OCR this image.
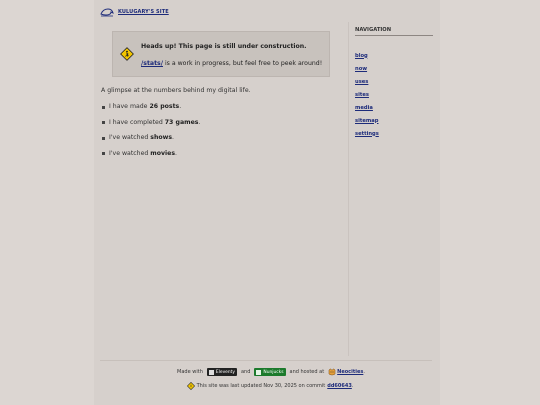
KULUGARY'S SITE
Heads up! This page is still under construction.
/stats/ is a work in progress, but feel free to peek around!
A glimpse at the numbers behind my digital life.
I have made 26 posts.
I have completed 73 games.
I've watched shows.
I've watched movies.
NAVIGATION
blog
now
uses
sites
media
sitemap
settings
Made with	Eleventy and	Nunjucks and hosted at	Neocities .
This site was last updated Nov 30, 2025 on commit dd60643 .
